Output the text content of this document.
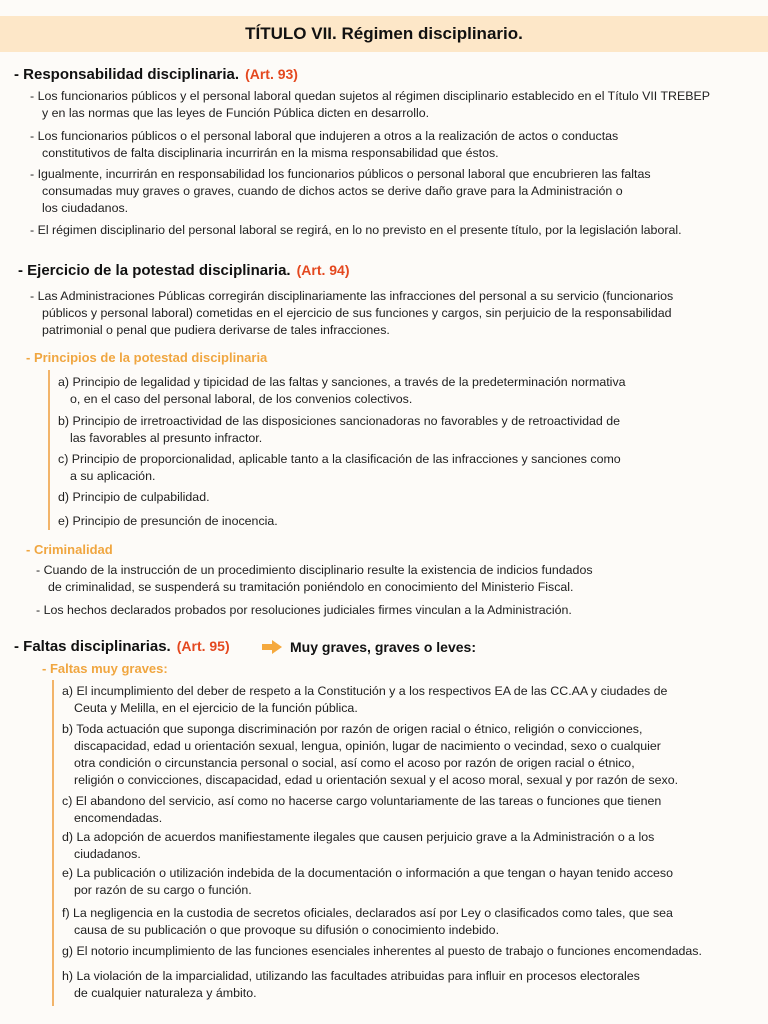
TÍTULO VII. Régimen disciplinario.
- Responsabilidad disciplinaria. (Art. 93)
- Los funcionarios públicos y el personal laboral quedan sujetos al régimen disciplinario establecido en el Título VII TREBEP
y en las normas que las leyes de Función Pública dicten en desarrollo.
- Los funcionarios públicos o el personal laboral que indujeren a otros a la realización de actos o conductas
constitutivos de falta disciplinaria incurrirán en la misma responsabilidad que éstos.
- Igualmente, incurrirán en responsabilidad los funcionarios públicos o personal laboral que encubrieren las faltas
consumadas muy graves o graves, cuando de dichos actos se derive daño grave para la Administración o
los ciudadanos.
- El régimen disciplinario del personal laboral se regirá, en lo no previsto en el presente título, por la legislación laboral.
- Ejercicio de la potestad disciplinaria. (Art. 94)
- Las Administraciones Públicas corregirán disciplinariamente las infracciones del personal a su servicio (funcionarios
públicos y personal laboral) cometidas en el ejercicio de sus funciones y cargos, sin perjuicio de la responsabilidad
patrimonial o penal que pudiera derivarse de tales infracciones.
- Principios de la potestad disciplinaria
a) Principio de legalidad y tipicidad de las faltas y sanciones, a través de la predeterminación normativa
o, en el caso del personal laboral, de los convenios colectivos.
b) Principio de irretroactividad de las disposiciones sancionadoras no favorables y de retroactividad de
las favorables al presunto infractor.
c) Principio de proporcionalidad, aplicable tanto a la clasificación de las infracciones y sanciones como
a su aplicación.
d) Principio de culpabilidad.
e) Principio de presunción de inocencia.
- Criminalidad
- Cuando de la instrucción de un procedimiento disciplinario resulte la existencia de indicios fundados
de criminalidad, se suspenderá su tramitación poniéndolo en conocimiento del Ministerio Fiscal.
- Los hechos declarados probados por resoluciones judiciales firmes vinculan a la Administración.
- Faltas disciplinarias. (Art. 95)	Muy graves, graves o leves:
- Faltas muy graves:
a) El incumplimiento del deber de respeto a la Constitución y a los respectivos EA de las CC.AA y ciudades de
Ceuta y Melilla, en el ejercicio de la función pública.
b) Toda actuación que suponga discriminación por razón de origen racial o étnico, religión o convicciones,
discapacidad, edad u orientación sexual, lengua, opinión, lugar de nacimiento o vecindad, sexo o cualquier
otra condición o circunstancia personal o social, así como el acoso por razón de origen racial o étnico,
religión o convicciones, discapacidad, edad u orientación sexual y el acoso moral, sexual y por razón de sexo.
c) El abandono del servicio, así como no hacerse cargo voluntariamente de las tareas o funciones que tienen
encomendadas.
d) La adopción de acuerdos manifiestamente ilegales que causen perjuicio grave a la Administración o a los
ciudadanos.
e) La publicación o utilización indebida de la documentación o información a que tengan o hayan tenido acceso
por razón de su cargo o función.
f) La negligencia en la custodia de secretos oficiales, declarados así por Ley o clasificados como tales, que sea
causa de su publicación o que provoque su difusión o conocimiento indebido.
g) El notorio incumplimiento de las funciones esenciales inherentes al puesto de trabajo o funciones encomendadas.
h) La violación de la imparcialidad, utilizando las facultades atribuidas para influir en procesos electorales
de cualquier naturaleza y ámbito.
